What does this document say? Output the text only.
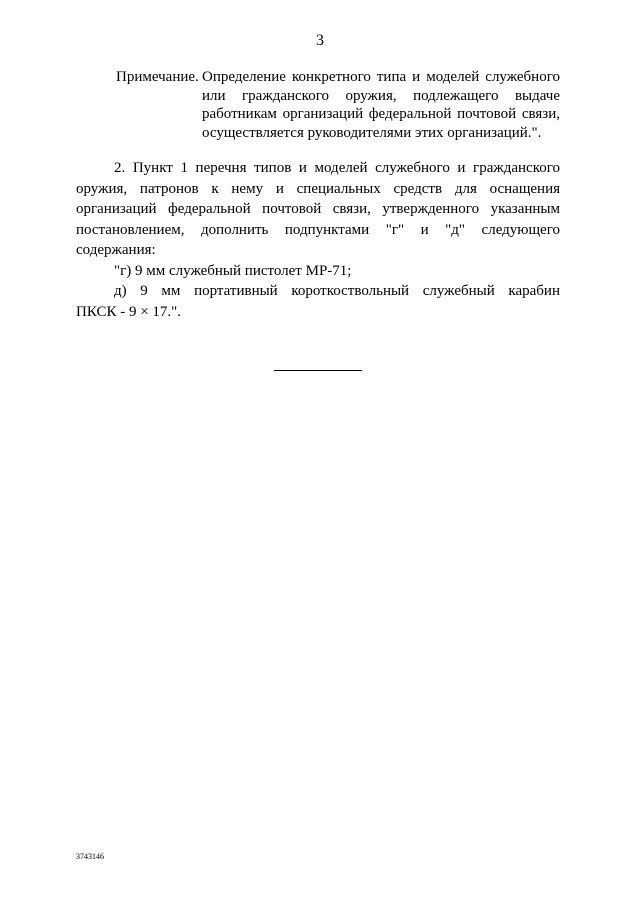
3
Примечание. Определение конкретного типа и моделей служебного или гражданского оружия, подлежащего выдаче работникам организаций федеральной почтовой связи, осуществляется руководителями этих организаций.".

2. Пункт 1 перечня типов и моделей служебного и гражданского

оружия, патронов к нему и специальных средств для оснащения

организаций федеральной почтовой связи, утвержденного указанным

постановлением, дополнить подпунктами "г" и "д" следующего

содержания:

"г) 9 мм служебный пистолет MP-71;

д) 9 мм портативный короткоствольный служебный карабин

ПКСК - 9 × 17.".

3743146
